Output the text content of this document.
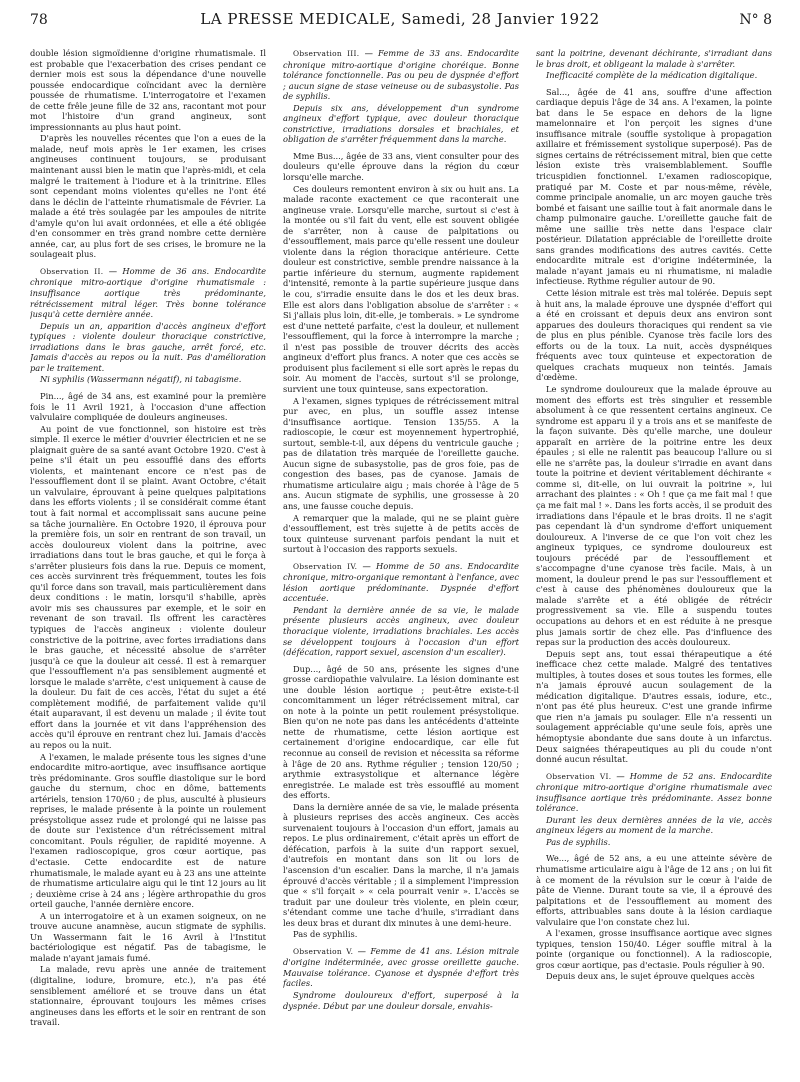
78	LA PRESSE MEDICALE, Samedi, 28 Janvier 1922	N° 8

double lésion sigmoïdienne d'origine rhumatismale. Il est probable que l'exacerbation des crises pendant ce dernier mois est sous la dépendance d'une nouvelle poussée endocardique coïncidant avec la dernière poussée de rhumatisme. L'interrogatoire et l'examen de cette frêle jeune fille de 32 ans, racontant mot pour mot l'histoire d'un grand angineux, sont impressionnants au plus haut point.

D'après les nouvelles récentes que l'on a eues de la malade, neuf mois après le 1er examen, les crises angineuses continuent toujours, se produisant maintenant aussi bien le matin que l'après-midi, et cela malgré le traitement à l'iodure et à la trinitrine. Elles sont cependant moins violentes qu'elles ne l'ont été dans le déclin de l'atteinte rhumatismale de Février. La malade a été très soulagée par les ampoules de nitrite d'amyle qu'on lui avait ordonnées, et elle a été obligée d'en consommer en très grand nombre cette dernière année, car, au plus fort de ses crises, le bromure ne la soulageait plus.

Observation II. — Homme de 36 ans. Endocardite chronique mitro-aortique d'origine rhumatismale : insuffisance aortique très prédominante, rétrécissement mitral léger. Très bonne tolérance jusqu'à cette dernière année.

Depuis un an, apparition d'accès angineux d'effort typiques : violente douleur thoracique constrictive, irradiations dans le bras gauche, arrêt forcé, etc. Jamais d'accès au repos ou la nuit. Pas d'amélioration par le traitement.

Ni syphilis (Wassermann négatif), ni tabagisme.

Pin..., âgé de 34 ans, est examiné pour la première fois le 11 Avril 1921, à l'occasion d'une affection valvulaire compliquée de douleurs angineuses.

Au point de vue fonctionnel, son histoire est très simple. Il exerce le métier d'ouvrier électricien et ne se plaignait guère de sa santé avant Octobre 1920. C'est à peine s'il était un peu essoufflé dans des efforts violents, et maintenant encore ce n'est pas de l'essoufflement dont il se plaint. Avant Octobre, c'était un valvulaire, éprouvant à peine quelques palpitations dans les efforts violents ; il se considérait comme étant tout à fait normal et accomplissait sans aucune peine sa tâche journalière. En Octobre 1920, il éprouva pour la première fois, un soir en rentrant de son travail, un accès douloureux violent dans la poitrine, avec irradiations dans tout le bras gauche, et qui le força à s'arrêter plusieurs fois dans la rue. Depuis ce moment, ces accès survinrent très fréquemment, toutes les fois qu'il force dans son travail, mais particulièrement dans deux conditions : le matin, lorsqu'il s'habille, après avoir mis ses chaussures par exemple, et le soir en revenant de son travail. Ils offrent les caractères typiques de l'accès angineux : violente douleur constrictive de la poitrine, avec fortes irradiations dans le bras gauche, et nécessité absolue de s'arrêter jusqu'à ce que la douleur ait cessé. Il est à remarquer que l'essoufflement n'a pas sensiblement augmenté et lorsque le malade s'arrête, c'est uniquement à cause de la douleur. Du fait de ces accès, l'état du sujet a été complètement modifié, de parfaitement valide qu'il était auparavant, il est devenu un malade ; il évite tout effort dans la journée et vit dans l'appréhension des accès qu'il éprouve en rentrant chez lui. Jamais d'accès au repos ou la nuit.

A l'examen, le malade présente tous les signes d'une endocardite mitro-aortique, avec insuffisance aortique très prédominante. Gros souffle diastolique sur le bord gauche du sternum, choc en dôme, battements artériels, tension 170/60 ; de plus, ausculté à plusieurs reprises, le malade présente à la pointe un roulement présystolique assez rude et prolongé qui ne laisse pas de doute sur l'existence d'un rétrécissement mitral concomitant. Pouls régulier, de rapidité moyenne. A l'examen radioscopique, gros cœur aortique, pas d'ectasie. Cette endocardite est de nature rhumatismale, le malade ayant eu à 23 ans une atteinte de rhumatisme articulaire aigu qui le tint 12 jours au lit ; deuxième crise à 24 ans ; légère arthropathie du gros orteil gauche, l'année dernière encore.

A un interrogatoire et à un examen soigneux, on ne trouve aucune anamnèse, aucun stigmate de syphilis. Un Wassermann fait le 16 Avril à l'Institut bactériologique est négatif. Pas de tabagisme, le malade n'ayant jamais fumé.

La malade, revu après une année de traitement (digitaline, iodure, bromure, etc.), n'a pas été sensiblement amélioré et se trouve dans un état stationnaire, éprouvant toujours les mêmes crises angineuses dans les efforts et le soir en rentrant de son travail.

Observation III. — Femme de 33 ans. Endocardite chronique mitro-aortique d'origine choréique. Bonne tolérance fonctionnelle. Pas ou peu de dyspnée d'effort ; aucun signe de stase veineuse ou de subasystolie. Pas de syphilis.

Depuis six ans, développement d'un syndrome angineux d'effort typique, avec douleur thoracique constrictive, irradiations dorsales et brachiales, et obligation de s'arrêter fréquemment dans la marche.

Mme Bus..., âgée de 33 ans, vient consulter pour des douleurs qu'elle éprouve dans la région du cœur lorsqu'elle marche.

Ces douleurs remontent environ à six ou huit ans. La malade raconte exactement ce que raconterait une angineuse vraie. Lorsqu'elle marche, surtout si c'est à la montée ou s'il fait du vent, elle est souvent obligée de s'arrêter, non à cause de palpitations ou d'essoufflement, mais parce qu'elle ressent une douleur violente dans la région thoracique antérieure. Cette douleur est constrictive, semble prendre naissance à la partie inférieure du sternum, augmente rapidement d'intensité, remonte à la partie supérieure jusque dans le cou, s'irradie ensuite dans le dos et les deux bras. Elle est alors dans l'obligation absolue de s'arrêter : « Si j'allais plus loin, dit-elle, je tomberais. » Le syndrome est d'une netteté parfaite, c'est la douleur, et nullement l'essoufflement, qui la force à interrompre la marche ; il n'est pas possible de trouver décrits des accès angineux d'effort plus francs. A noter que ces accès se produisent plus facilement si elle sort après le repas du soir. Au moment de l'accès, surtout s'il se prolonge, survient une toux quinteuse, sans expectoration.

A l'examen, signes typiques de rétrécissement mitral pur avec, en plus, un souffle assez intense d'insuffisance aortique. Tension 135/55. A la radioscopie, le cœur est moyennement hypertrophié, surtout, semble-t-il, aux dépens du ventricule gauche ; pas de dilatation très marquée de l'oreillette gauche. Aucun signe de subasystolie, pas de gros foie, pas de congestion des bases, pas de cyanose. Jamais de rhumatisme articulaire aigu ; mais chorée à l'âge de 5 ans. Aucun stigmate de syphilis, une grossesse à 20 ans, une fausse couche depuis.

A remarquer que la malade, qui ne se plaint guère d'essoufflement, est très sujette à de petits accès de toux quinteuse survenant parfois pendant la nuit et surtout à l'occasion des rapports sexuels.

Observation IV. — Homme de 50 ans. Endocardite chronique, mitro-organique remontant à l'enfance, avec lésion aortique prédominante. Dyspnée d'effort accentuée.

Pendant la dernière année de sa vie, le malade présente plusieurs accès angineux, avec douleur thoracique violente, irradiations brachiales. Les accès se développent toujours à l'occasion d'un effort (défécation, rapport sexuel, ascension d'un escalier).

Dup..., âgé de 50 ans, présente les signes d'une grosse cardiopathie valvulaire. La lésion dominante est une double lésion aortique ; peut-être existe-t-il concomitamment un léger rétrécissement mitral, car on note à la pointe un petit roulement présystolique. Bien qu'on ne note pas dans les antécédents d'atteinte nette de rhumatisme, cette lésion aortique est certainement d'origine endocardique, car elle fut reconnue au conseil de revision et nécessita sa réforme à l'âge de 20 ans. Rythme régulier ; tension 120/50 ; arythmie extrasystolique et alternance légère enregistrée. Le malade est très essoufflé au moment des efforts.

Dans la dernière année de sa vie, le malade présenta à plusieurs reprises des accès angineux. Ces accès survenaient toujours à l'occasion d'un effort, jamais au repos. Le plus ordinairement, c'était après un effort de défécation, parfois à la suite d'un rapport sexuel, d'autrefois en montant dans son lit ou lors de l'ascension d'un escalier. Dans la marche, il n'a jamais éprouvé d'accès véritable ; il a simplement l'impression que « s'il forçait » « cela pourrait venir ». L'accès se traduit par une douleur très violente, en plein cœur, s'étendant comme une tache d'huile, s'irradiant dans les deux bras et durant dix minutes à une demi-heure.

Pas de syphilis.

Observation V. — Femme de 41 ans. Lésion mitrale d'origine indéterminée, avec grosse oreillette gauche. Mauvaise tolérance. Cyanose et dyspnée d'effort très faciles.

Syndrome douloureux d'effort, superposé à la dyspnée. Début par une douleur dorsale, envahis-

sant la poitrine, devenant déchirante, s'irradiant dans le bras droit, et obligeant la malade à s'arrêter.

Inefficacité complète de la médication digitalique.

Sal..., âgée de 41 ans, souffre d'une affection cardiaque depuis l'âge de 34 ans. A l'examen, la pointe bat dans le 5e espace en dehors de la ligne mamelonnaire et l'on perçoit les signes d'une insuffisance mitrale (souffle systolique à propagation axillaire et frémissement systolique superposé). Pas de signes certains de rétrécissement mitral, bien que cette lésion existe très vraisemblablement. Souffle tricuspidien fonctionnel. L'examen radioscopique, pratiqué par M. Coste et par nous-même, révèle, comme principale anomalie, un arc moyen gauche très bombé et faisant une saillie tout à fait anormale dans le champ pulmonaire gauche. L'oreillette gauche fait de même une saillie très nette dans l'espace clair postérieur. Dilatation appréciable de l'oreillette droite sans grandes modifications des autres cavités. Cette endocardite mitrale est d'origine indéterminée, la malade n'ayant jamais eu ni rhumatisme, ni maladie infectieuse. Rythme régulier autour de 90.

Cette lésion mitrale est très mal tolérée. Depuis sept à huit ans, la malade éprouve une dyspnée d'effort qui a été en croissant et depuis deux ans environ sont apparues des douleurs thoraciques qui rendent sa vie de plus en plus pénible. Cyanose très facile lors des efforts ou de la toux. La nuit, accès dyspnéiques fréquents avec toux quinteuse et expectoration de quelques crachats muqueux non teintés. Jamais d'œdème.

Le syndrome douloureux que la malade éprouve au moment des efforts est très singulier et ressemble absolument à ce que ressentent certains angineux. Ce syndrome est apparu il y a trois ans et se manifeste de la façon suivante. Dès qu'elle marche, une douleur apparaît en arrière de la poitrine entre les deux épaules ; si elle ne ralentit pas beaucoup l'allure ou si elle ne s'arrête pas, la douleur s'irradie en avant dans toute la poitrine et devient véritablement déchirante « comme si, dit-elle, on lui ouvrait la poitrine », lui arrachant des plaintes : « Oh ! que ça me fait mal ! que ça me fait mal ! ». Dans les forts accès, il se produit des irradiations dans l'épaule et le bras droits. Il ne s'agit pas cependant là d'un syndrome d'effort uniquement douloureux. A l'inverse de ce que l'on voit chez les angineux typiques, ce syndrome douloureux est toujours précédé par de l'essoufflement et s'accompagne d'une cyanose très facile. Mais, à un moment, la douleur prend le pas sur l'essoufflement et c'est à cause des phénomènes douloureux que la malade s'arrête et a été obligée de rétrécir progressivement sa vie. Elle a suspendu toutes occupations au dehors et en est réduite à ne presque plus jamais sortir de chez elle. Pas d'influence des repas sur la production des accès douloureux.

Depuis sept ans, tout essai thérapeutique a été inefficace chez cette malade. Malgré des tentatives multiples, à toutes doses et sous toutes les formes, elle n'a jamais éprouvé aucun soulagement de la médication digitalique. D'autres essais, iodure, etc., n'ont pas été plus heureux. C'est une grande infirme que rien n'a jamais pu soulager. Elle n'a ressenti un soulagement appréciable qu'une seule fois, après une hémoptysie abondante due sans doute à un infarctus. Deux saignées thérapeutiques au pli du coude n'ont donné aucun résultat.

Observation VI. — Homme de 52 ans. Endocardite chronique mitro-aortique d'origine rhumatismale avec insuffisance aortique très prédominante. Assez bonne tolérance.

Durant les deux dernières années de la vie, accès angineux légers au moment de la marche.

Pas de syphilis.

We..., âgé de 52 ans, a eu une atteinte sévère de rhumatisme articulaire aigu à l'âge de 12 ans ; on lui fit à ce moment de la révulsion sur le cœur à l'aide de pâte de Vienne. Durant toute sa vie, il a éprouvé des palpitations et de l'essoufflement au moment des efforts, attribuables sans doute à la lésion cardiaque valvulaire que l'on constate chez lui.

A l'examen, grosse insuffisance aortique avec signes typiques, tension 150/40. Léger souffle mitral à la pointe (organique ou fonctionnel). A la radioscopie, gros cœur aortique, pas d'ectasie. Pouls régulier à 90.

Depuis deux ans, le sujet éprouve quelques accès
